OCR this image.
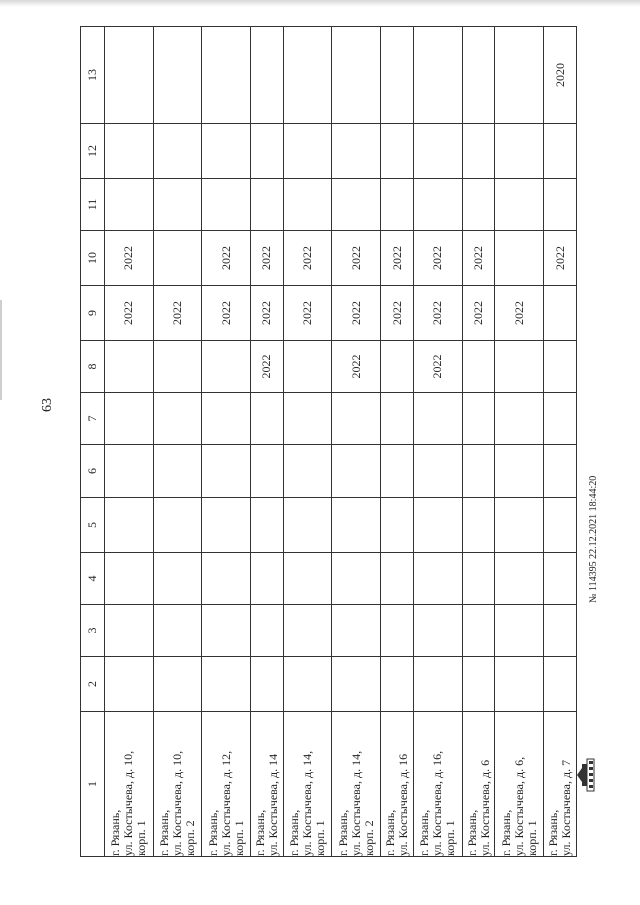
63
1	2	3	4	5	6	7	8	9	10	11	12	13

г. Рязань, ул. Костычева, д. 10, корп. 1								2022	2022			

г. Рязань, ул. Костычева, д. 10, корп. 2								2022				

г. Рязань, ул. Костычева, д. 12, корп. 1								2022	2022			

г. Рязань, ул. Костычева, д. 14							2022	2022	2022			

г. Рязань, ул. Костычева, д. 14, корп. 1								2022	2022			

г. Рязань, ул. Костычева, д. 14, корп. 2							2022	2022	2022			

г. Рязань, ул. Костычева, д. 16								2022	2022			

г. Рязань, ул. Костычева, д. 16, корп. 1							2022	2022	2022			

г. Рязань, ул. Костычева, д. 6								2022	2022			

г. Рязань, ул. Костычева, д. 6, корп. 1								2022				

г. Рязань, ул. Костычева, д. 7									2022			2020
№ 114395 22.12.2021 18:44:20
